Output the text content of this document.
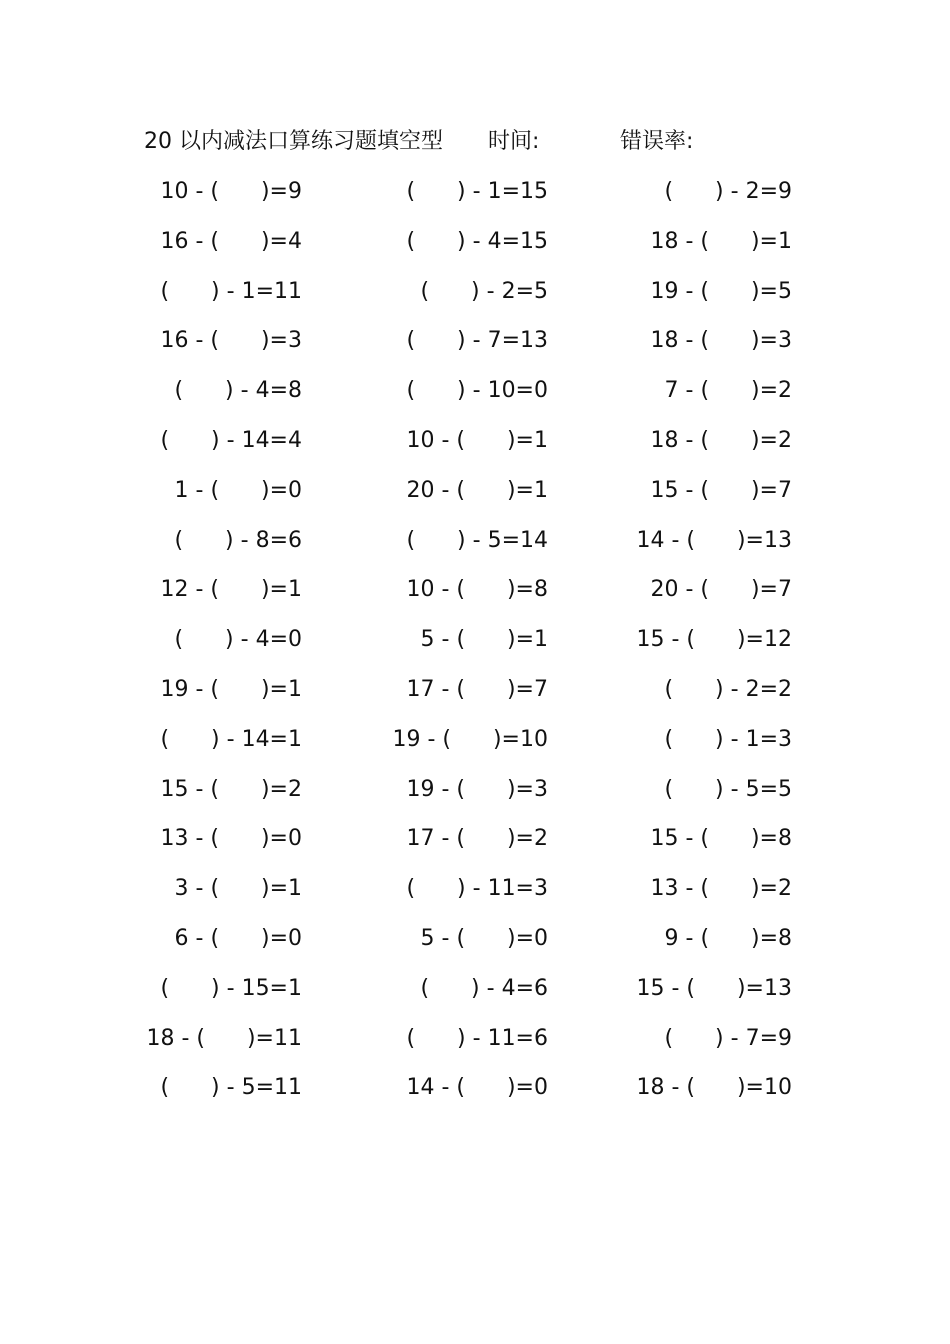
20 以内减法口算练习题填空型 时间:	错误率:
10 - (      )=9	(      ) - 1=15	(      ) - 2=9
16 - (      )=4	(      ) - 4=15	18 - (      )=1
(      ) - 1=11	(      ) - 2=5	19 - (      )=5
16 - (      )=3	(      ) - 7=13	18 - (      )=3
(      ) - 4=8	(      ) - 10=0	7 - (      )=2
(      ) - 14=4	10 - (      )=1	18 - (      )=2
1 - (      )=0	20 - (      )=1	15 - (      )=7
(      ) - 8=6	(      ) - 5=14	14 - (      )=13
12 - (      )=1	10 - (      )=8	20 - (      )=7
(      ) - 4=0	5 - (      )=1	15 - (      )=12
19 - (      )=1	17 - (      )=7	(      ) - 2=2
(      ) - 14=1	19 - (      )=10	(      ) - 1=3
15 - (      )=2	19 - (      )=3	(      ) - 5=5
13 - (      )=0	17 - (      )=2	15 - (      )=8
3 - (      )=1	(      ) - 11=3	13 - (      )=2
6 - (      )=0	5 - (      )=0	9 - (      )=8
(      ) - 15=1	(      ) - 4=6	15 - (      )=13
18 - (      )=11	(      ) - 11=6	(      ) - 7=9
(      ) - 5=11	14 - (      )=0	18 - (      )=10
